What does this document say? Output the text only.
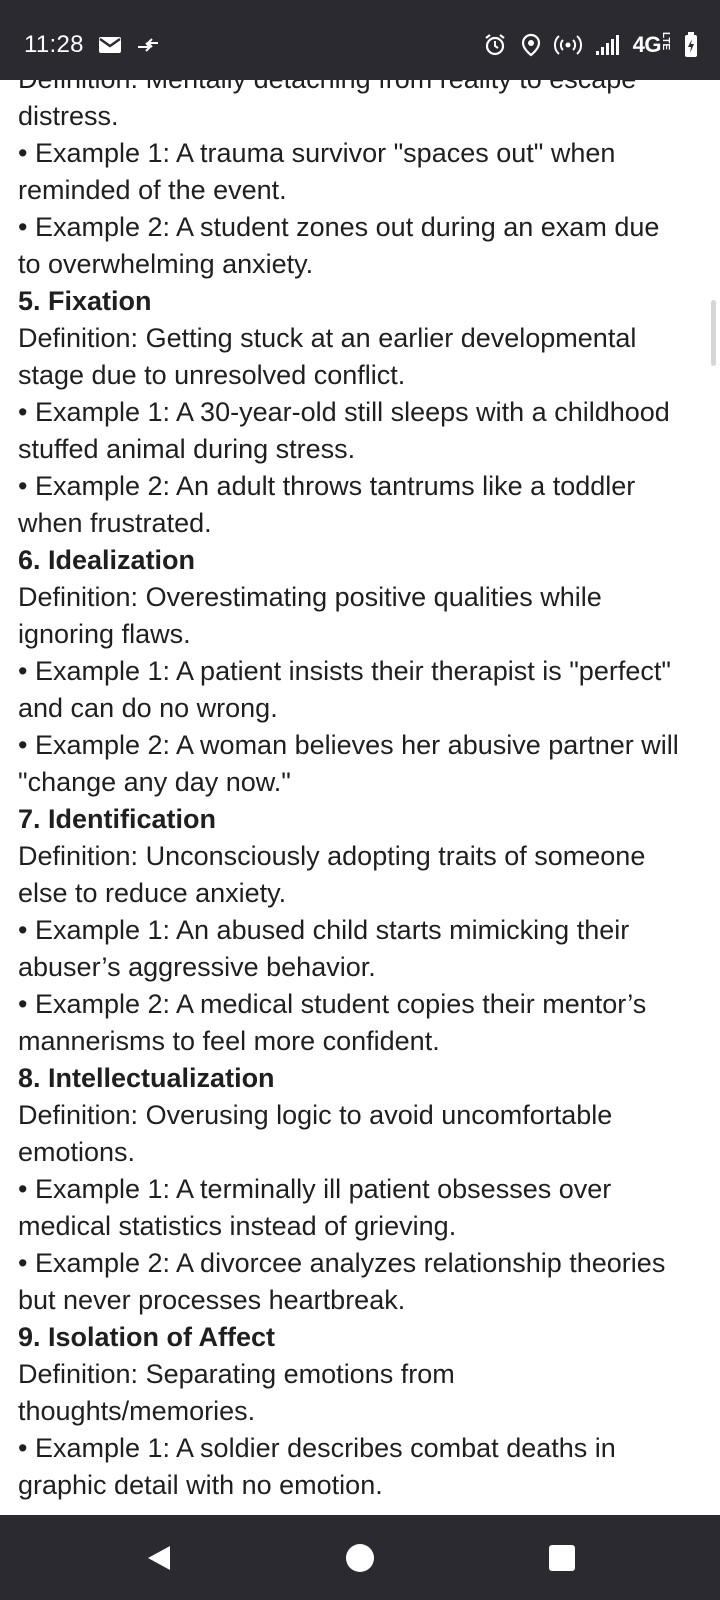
11:28	4GLTE
distress.
• Example 1: A trauma survivor "spaces out" when
reminded of the event.
• Example 2: A student zones out during an exam due
to overwhelming anxiety.
5. Fixation
Definition: Getting stuck at an earlier developmental
stage due to unresolved conflict.
• Example 1: A 30-year-old still sleeps with a childhood
stuffed animal during stress.
• Example 2: An adult throws tantrums like a toddler
when frustrated.
6. Idealization
Definition: Overestimating positive qualities while
ignoring flaws.
• Example 1: A patient insists their therapist is "perfect"
and can do no wrong.
• Example 2: A woman believes her abusive partner will
"change any day now."
7. Identification
Definition: Unconsciously adopting traits of someone
else to reduce anxiety.
• Example 1: An abused child starts mimicking their
abuser’s aggressive behavior.
• Example 2: A medical student copies their mentor’s
mannerisms to feel more confident.
8. Intellectualization
Definition: Overusing logic to avoid uncomfortable
emotions.
• Example 1: A terminally ill patient obsesses over
medical statistics instead of grieving.
• Example 2: A divorcee analyzes relationship theories
but never processes heartbreak.
9. Isolation of Affect
Definition: Separating emotions from
thoughts/memories.
• Example 1: A soldier describes combat deaths in
graphic detail with no emotion.
